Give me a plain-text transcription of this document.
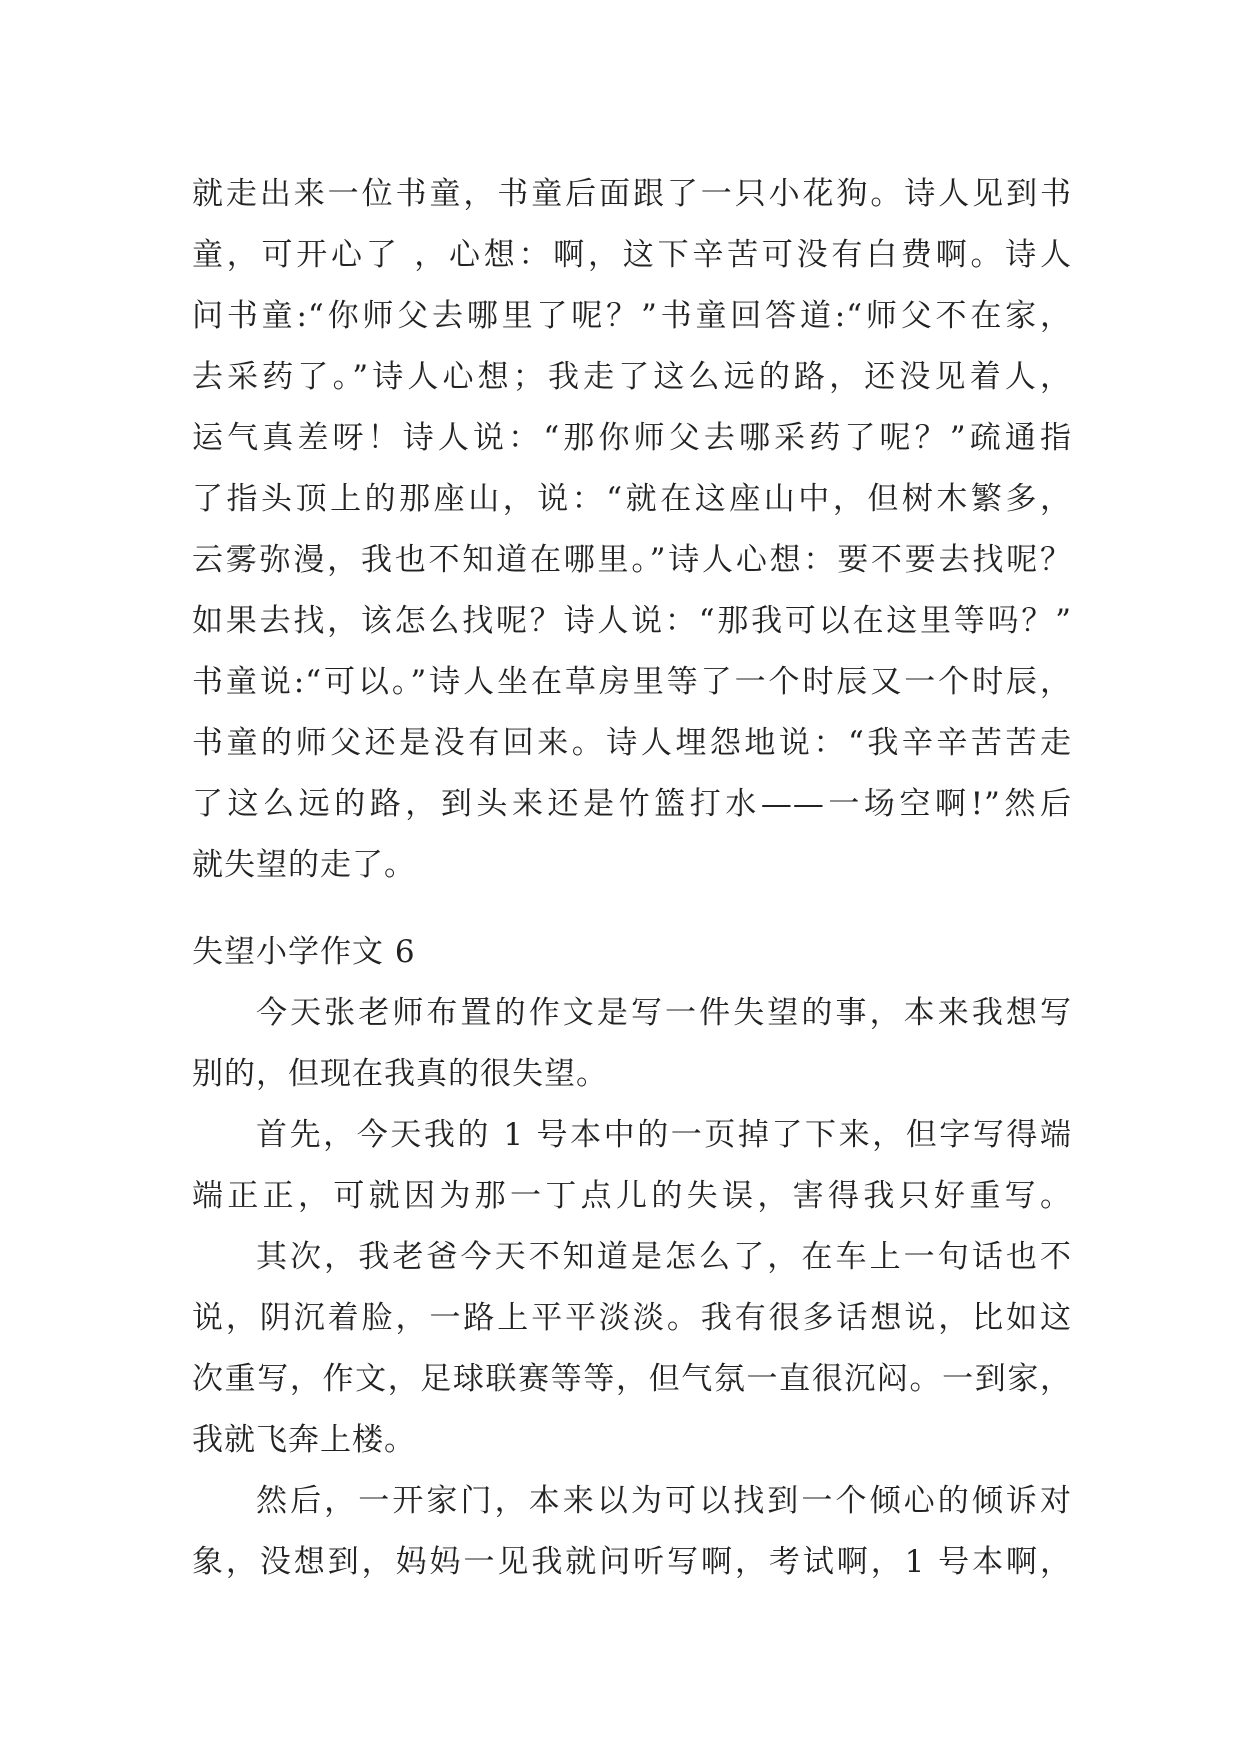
就走出来一位书童，书童后面跟了一只小花狗。诗人见到书
童，可开心了 ，心想：啊，这下辛苦可没有白费啊。诗人
问书童:“你师父去哪里了呢？”书童回答道:“师父不在家，
去采药了。”诗人心想；我走了这么远的路，还没见着人，
运气真差呀！诗人说：“那你师父去哪采药了呢？”疏通指
了指头顶上的那座山，说：“就在这座山中，但树木繁多，
云雾弥漫，我也不知道在哪里。”诗人心想：要不要去找呢？
如果去找，该怎么找呢？诗人说：“那我可以在这里等吗？”
书童说:“可以。”诗人坐在草房里等了一个时辰又一个时辰，
书童的师父还是没有回来。诗人埋怨地说：“我辛辛苦苦走
了这么远的路，到头来还是竹篮打水——一场空啊!”然后
就失望的走了。
失望小学作文 6
今天张老师布置的作文是写一件失望的事，本来我想写
别的，但现在我真的很失望。
首先，今天我的 1 号本中的一页掉了下来，但字写得端
端正正，可就因为那一丁点儿的失误，害得我只好重写。
其次，我老爸今天不知道是怎么了，在车上一句话也不
说，阴沉着脸，一路上平平淡淡。我有很多话想说，比如这
次重写，作文，足球联赛等等，但气氛一直很沉闷。一到家，
我就飞奔上楼。
然后，一开家门，本来以为可以找到一个倾心的倾诉对
象，没想到，妈妈一见我就问听写啊，考试啊，1 号本啊，
